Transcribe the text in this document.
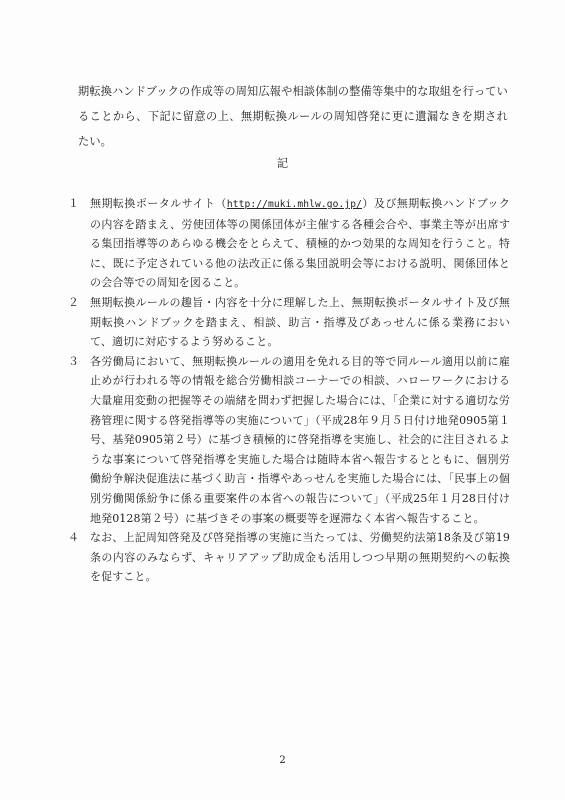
期転換ハンドブックの作成等の周知広報や相談体制の整備等集中的な取組を行っていることから、下記に留意の上、無期転換ルールの周知啓発に更に遺漏なきを期されたい。

記
１ 無期転換ポータルサイト（http://muki.mhlw.go.jp/）及び無期転換ハンドブックの内容を踏まえ、労使団体等の関係団体が主催する各種会合や、事業主等が出席する集団指導等のあらゆる機会をとらえて、積極的かつ効果的な周知を行うこと。特に、既に予定されている他の法改正に係る集団説明会等における説明、関係団体との会合等での周知を図ること。
２ 無期転換ルールの趣旨・内容を十分に理解した上、無期転換ポータルサイト及び無期転換ハンドブックを踏まえ、相談、助言・指導及びあっせんに係る業務において、適切に対応するよう努めること。
３ 各労働局において、無期転換ルールの適用を免れる目的等で同ルール適用以前に雇止めが行われる等の情報を総合労働相談コーナーでの相談、ハローワークにおける大量雇用変動の把握等その端緒を問わず把握した場合には、「企業に対する適切な労務管理に関する啓発指導等の実施について」（平成28年９月５日付け地発0905第１号、基発0905第２号）に基づき積極的に啓発指導を実施し、社会的に注目されるような事案について啓発指導を実施した場合は随時本省へ報告するとともに、個別労働紛争解決促進法に基づく助言・指導やあっせんを実施した場合には、「民事上の個別労働関係紛争に係る重要案件の本省への報告について」（平成25年１月28日付け地発0128第２号）に基づきその事案の概要等を遅滞なく本省へ報告すること。
４ なお、上記周知啓発及び啓発指導の実施に当たっては、労働契約法第18条及び第19条の内容のみならず、キャリアアップ助成金も活用しつつ早期の無期契約への転換を促すこと。
2
